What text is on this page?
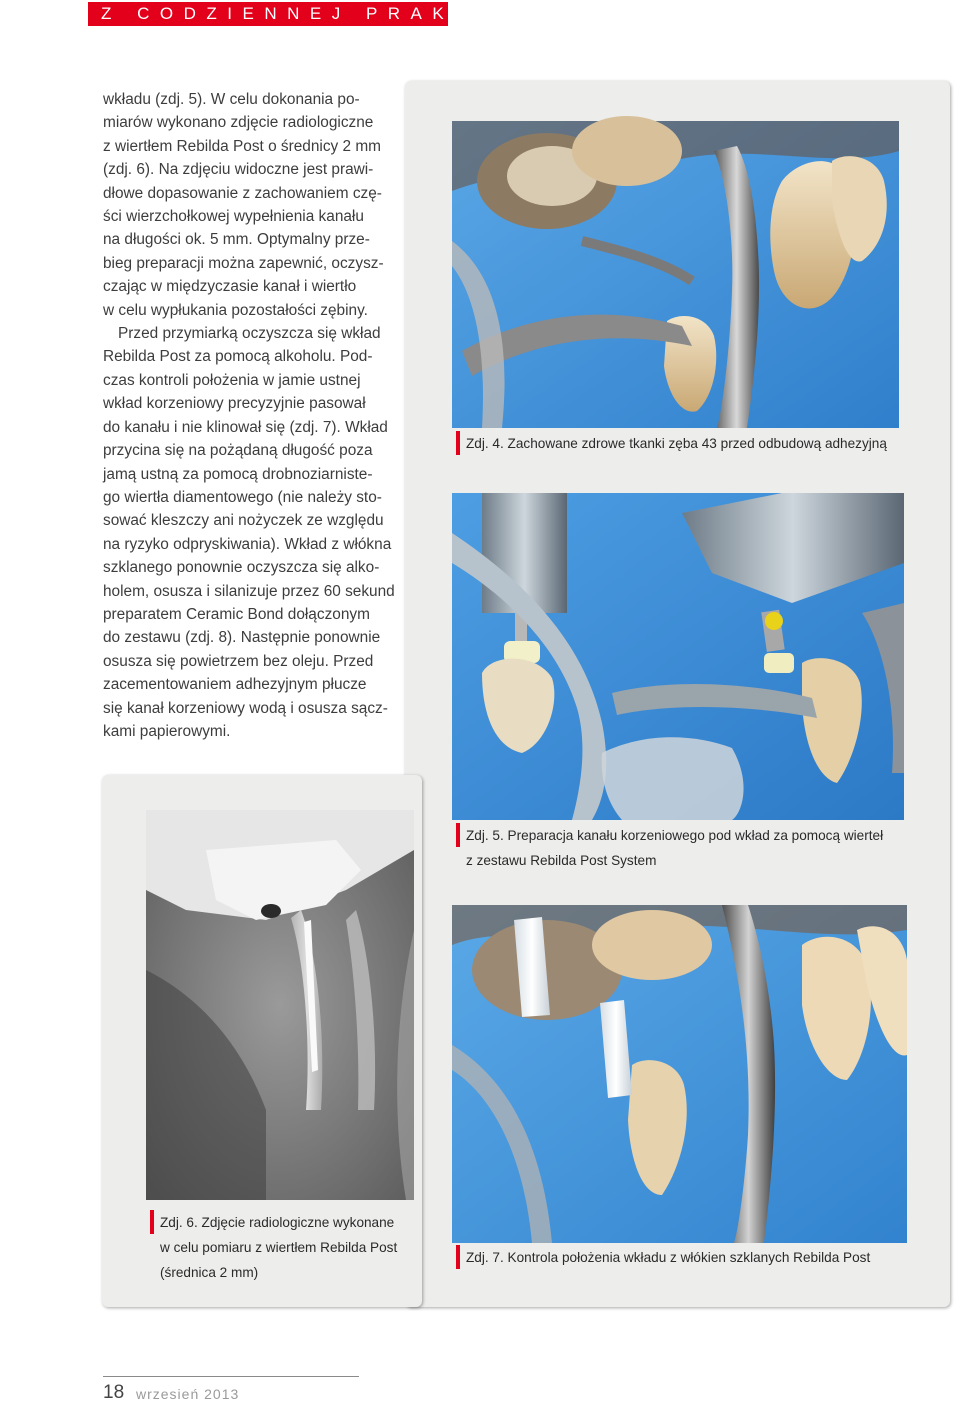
Z CODZIENNEJ PRAKTYKI
wkładu (zdj. 5). W celu dokonania po-
miarów wykonano zdjęcie radiologiczne
z wiertłem Rebilda Post o średnicy 2 mm
(zdj. 6). Na zdjęciu widoczne jest prawi-
dłowe dopasowanie z zachowaniem czę-
ści wierzchołkowej wypełnienia kanału
na długości ok. 5 mm. Optymalny prze-
bieg preparacji można zapewnić, oczysz-
czając w międzyczasie kanał i wiertło
w celu wypłukania pozostałości zębiny.
Przed przymiarką oczyszcza się wkład
Rebilda Post za pomocą alkoholu. Pod-
czas kontroli położenia w jamie ustnej
wkład korzeniowy precyzyjnie pasował
do kanału i nie klinował się (zdj. 7). Wkład
przycina się na pożądaną długość poza
jamą ustną za pomocą drobnoziarniste-
go wiertła diamentowego (nie należy sto-
sować kleszczy ani nożyczek ze względu
na ryzyko odpryskiwania). Wkład z włókna
szklanego ponownie oczyszcza się alko-
holem, osusza i silanizuje przez 60 sekund
preparatem Ceramic Bond dołączonym
do zestawu (zdj. 8). Następnie ponownie
osusza się powietrzem bez oleju. Przed
zacementowaniem adhezyjnym płucze
się kanał korzeniowy wodą i osusza sącz-
kami papierowymi.
Zdj. 4. Zachowane zdrowe tkanki zęba 43 przed odbudową adhezyjną
Zdj. 5. Preparacja kanału korzeniowego pod wkład za pomocą wierteł
z zestawu Rebilda Post System
Zdj. 6. Zdjęcie radiologiczne wykonane
w celu pomiaru z wiertłem Rebilda Post
(średnica 2 mm)
Zdj. 7. Kontrola położenia wkładu z włókien szklanych Rebilda Post
18 wrzesień 2013
